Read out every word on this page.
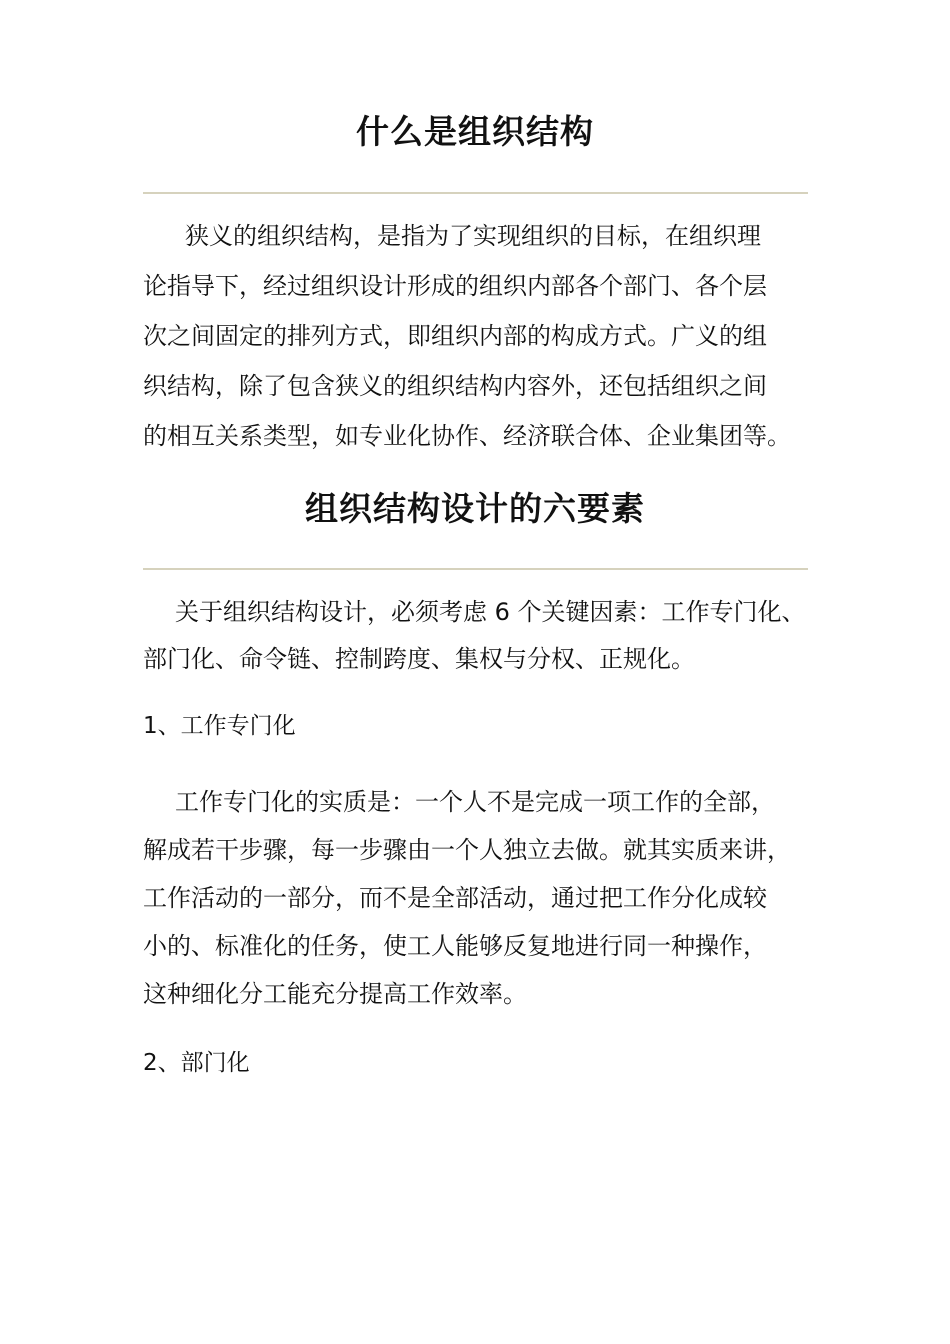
什么是组织结构

狭义的组织结构，是指为了实现组织的目标，在组织理
论指导下，经过组织设计形成的组织内部各个部门、各个层
次之间固定的排列方式，即组织内部的构成方式。广义的组
织结构，除了包含狭义的组织结构内容外，还包括组织之间
的相互关系类型，如专业化协作、经济联合体、企业集团等。

组织结构设计的六要素

关于组织结构设计，必须考虑 6 个关键因素：工作专门化、
部门化、命令链、控制跨度、集权与分权、正规化。

1、工作专门化

工作专门化的实质是：一个人不是完成一项工作的全部，
解成若干步骤，每一步骤由一个人独立去做。就其实质来讲，
工作活动的一部分，而不是全部活动，通过把工作分化成较
小的、标准化的任务，使工人能够反复地进行同一种操作，
这种细化分工能充分提高工作效率。

2、部门化
